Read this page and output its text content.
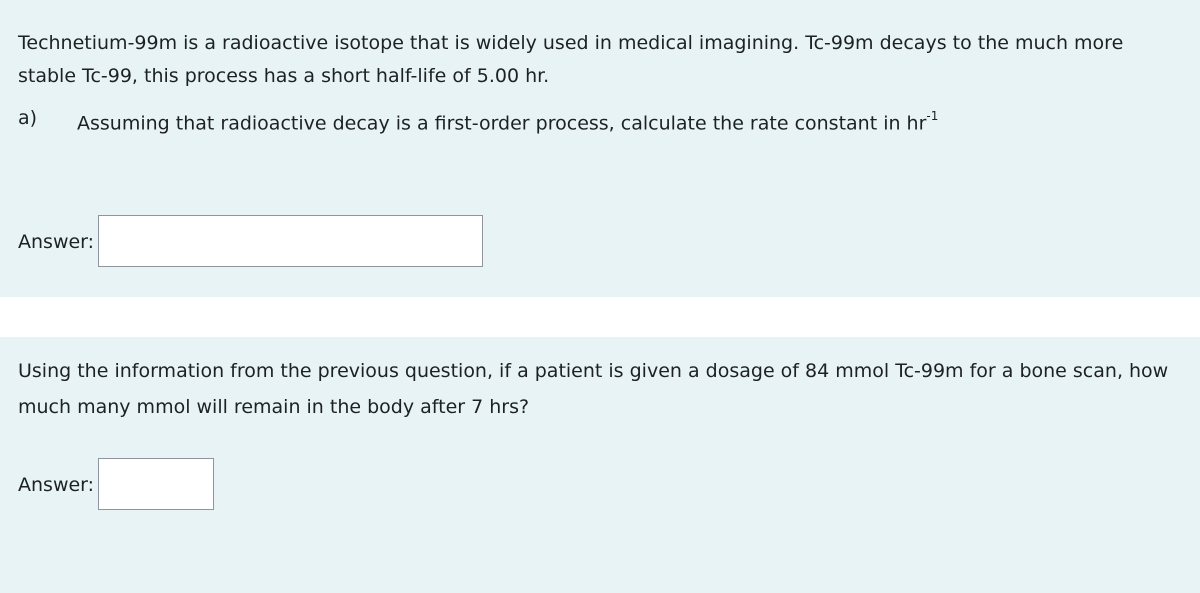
Technetium-99m is a radioactive isotope that is widely used in medical imagining. Tc-99m decays to the much more
stable Tc-99, this process has a short half-life of 5.00 hr.
a) Assuming that radioactive decay is a first-order process, calculate the rate constant in $hr^{-1}$
Answer:
Using the information from the previous question, if a patient is given a dosage of 84 mmol Tc-99m for a bone scan, how
much many mmol will remain in the body after 7 hrs?
Answer:
